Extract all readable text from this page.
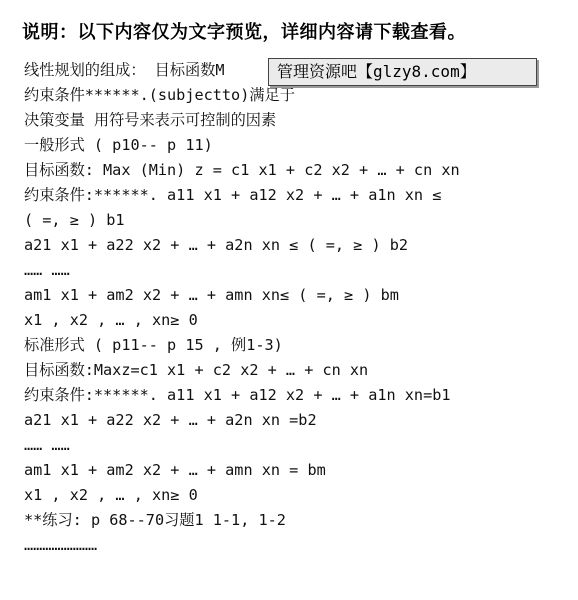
说明：以下内容仅为文字预览，详细内容请下载查看。
线性规划的组成： 目标函数M
约束条件******.(subjectto)满足于
决策变量 用符号来表示可控制的因素
一般形式 ( p10-- p 11)
目标函数: Max (Min) z = c1 x1 + c2 x2 + … + cn xn
约束条件:******. a11 x1 + a12 x2 + … + a1n xn ≤
( =, ≥ ) b1
a21 x1 + a22 x2 + … + a2n xn ≤ ( =, ≥ ) b2
…… ……
am1 x1 + am2 x2 + … + amn xn≤ ( =, ≥ ) bm
x1 , x2 , … , xn≥ 0
标准形式 ( p11-- p 15 , 例1-3)
目标函数:Maxz=c1 x1 + c2 x2 + … + cn xn
约束条件:******. a11 x1 + a12 x2 + … + a1n xn=b1
a21 x1 + a22 x2 + … + a2n xn =b2
…… ……
am1 x1 + am2 x2 + … + amn xn = bm
x1 , x2 , … , xn≥ 0
**练习: p 68--70习题1 1-1, 1-2
……………………
管理资源吧【glzy8.com】
